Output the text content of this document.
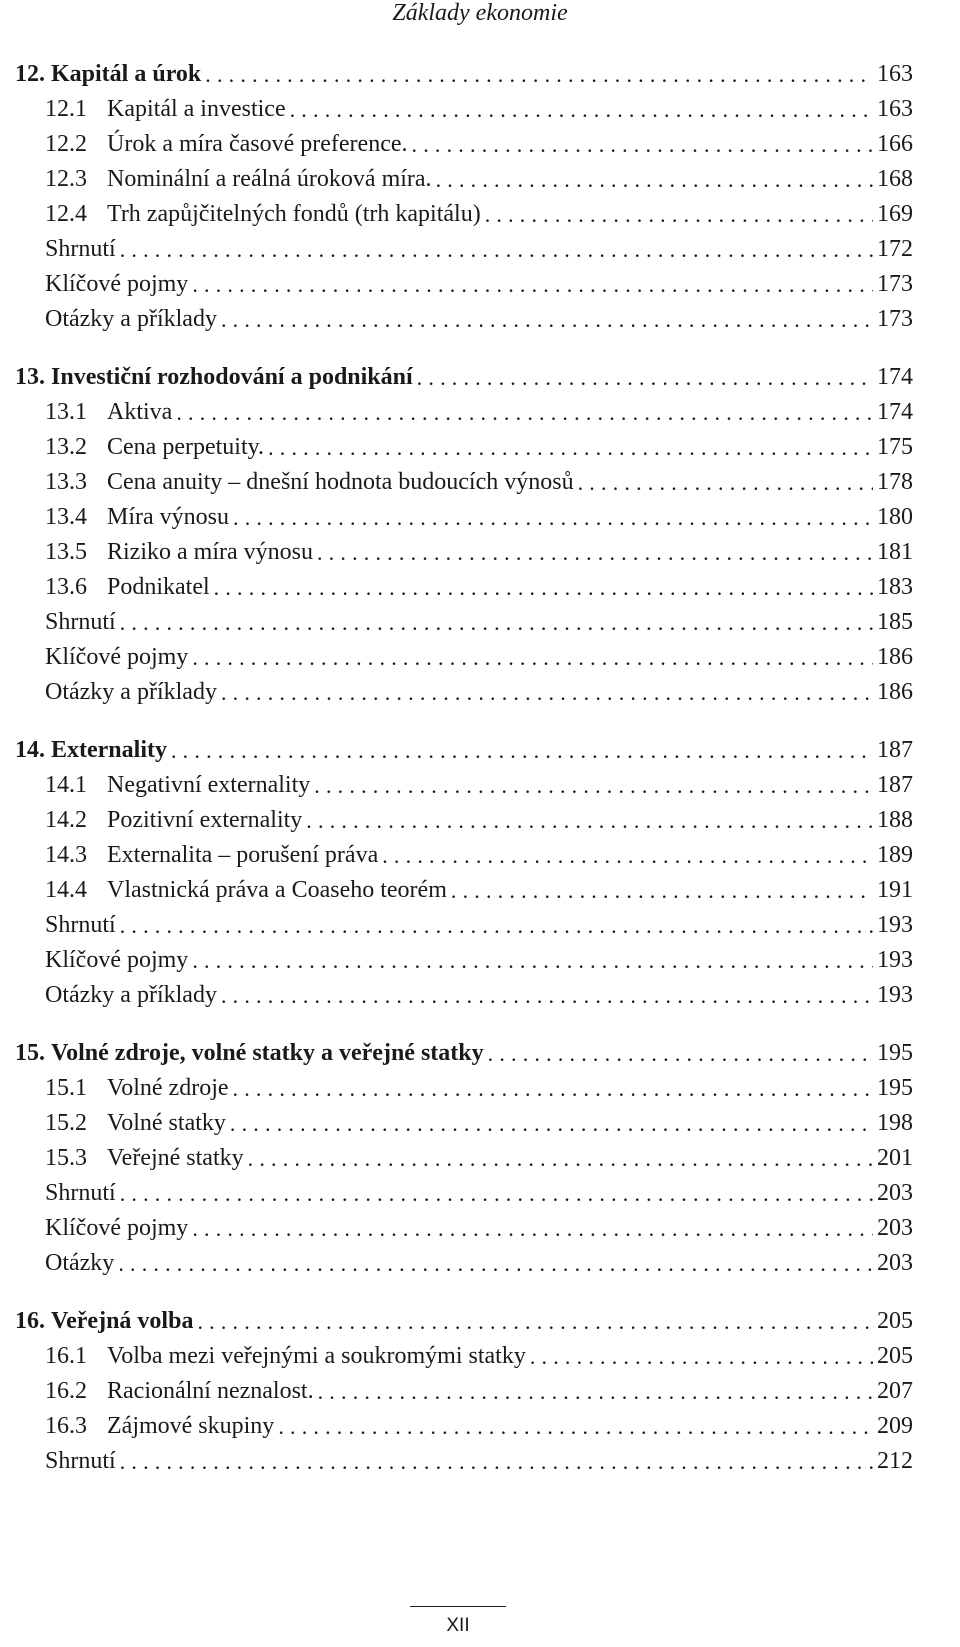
Základy ekonomie
12. Kapitál a úrok .....	163
12.1 Kapitál a investice .....	163
12.2 Úrok a míra časové preference. .....	166
12.3 Nominální a reálná úroková míra. .....	168
12.4 Trh zapůjčitelných fondů (trh kapitálu) .....	169
Shrnutí .....	172
Klíčové pojmy .....	173
Otázky a příklady .....	173
13. Investiční rozhodování a podnikání .....	174
13.1 Aktiva .....	174
13.2 Cena perpetuity. .....	175
13.3 Cena anuity – dnešní hodnota budoucích výnosů .....	178
13.4 Míra výnosu .....	180
13.5 Riziko a míra výnosu .....	181
13.6 Podnikatel .....	183
Shrnutí .....	185
Klíčové pojmy .....	186
Otázky a příklady .....	186
14. Externality .....	187
14.1 Negativní externality .....	187
14.2 Pozitivní externality .....	188
14.3 Externalita – porušení práva .....	189
14.4 Vlastnická práva a Coaseho teorém .....	191
Shrnutí .....	193
Klíčové pojmy .....	193
Otázky a příklady .....	193
15. Volné zdroje, volné statky a veřejné statky .....	195
15.1 Volné zdroje .....	195
15.2 Volné statky .....	198
15.3 Veřejné statky .....	201
Shrnutí .....	203
Klíčové pojmy .....	203
Otázky .....	203
16. Veřejná volba .....	205
16.1 Volba mezi veřejnými a soukromými statky .....	205
16.2 Racionální neznalost. .....	207
16.3 Zájmové skupiny .....	209
Shrnutí .....	212
XII
